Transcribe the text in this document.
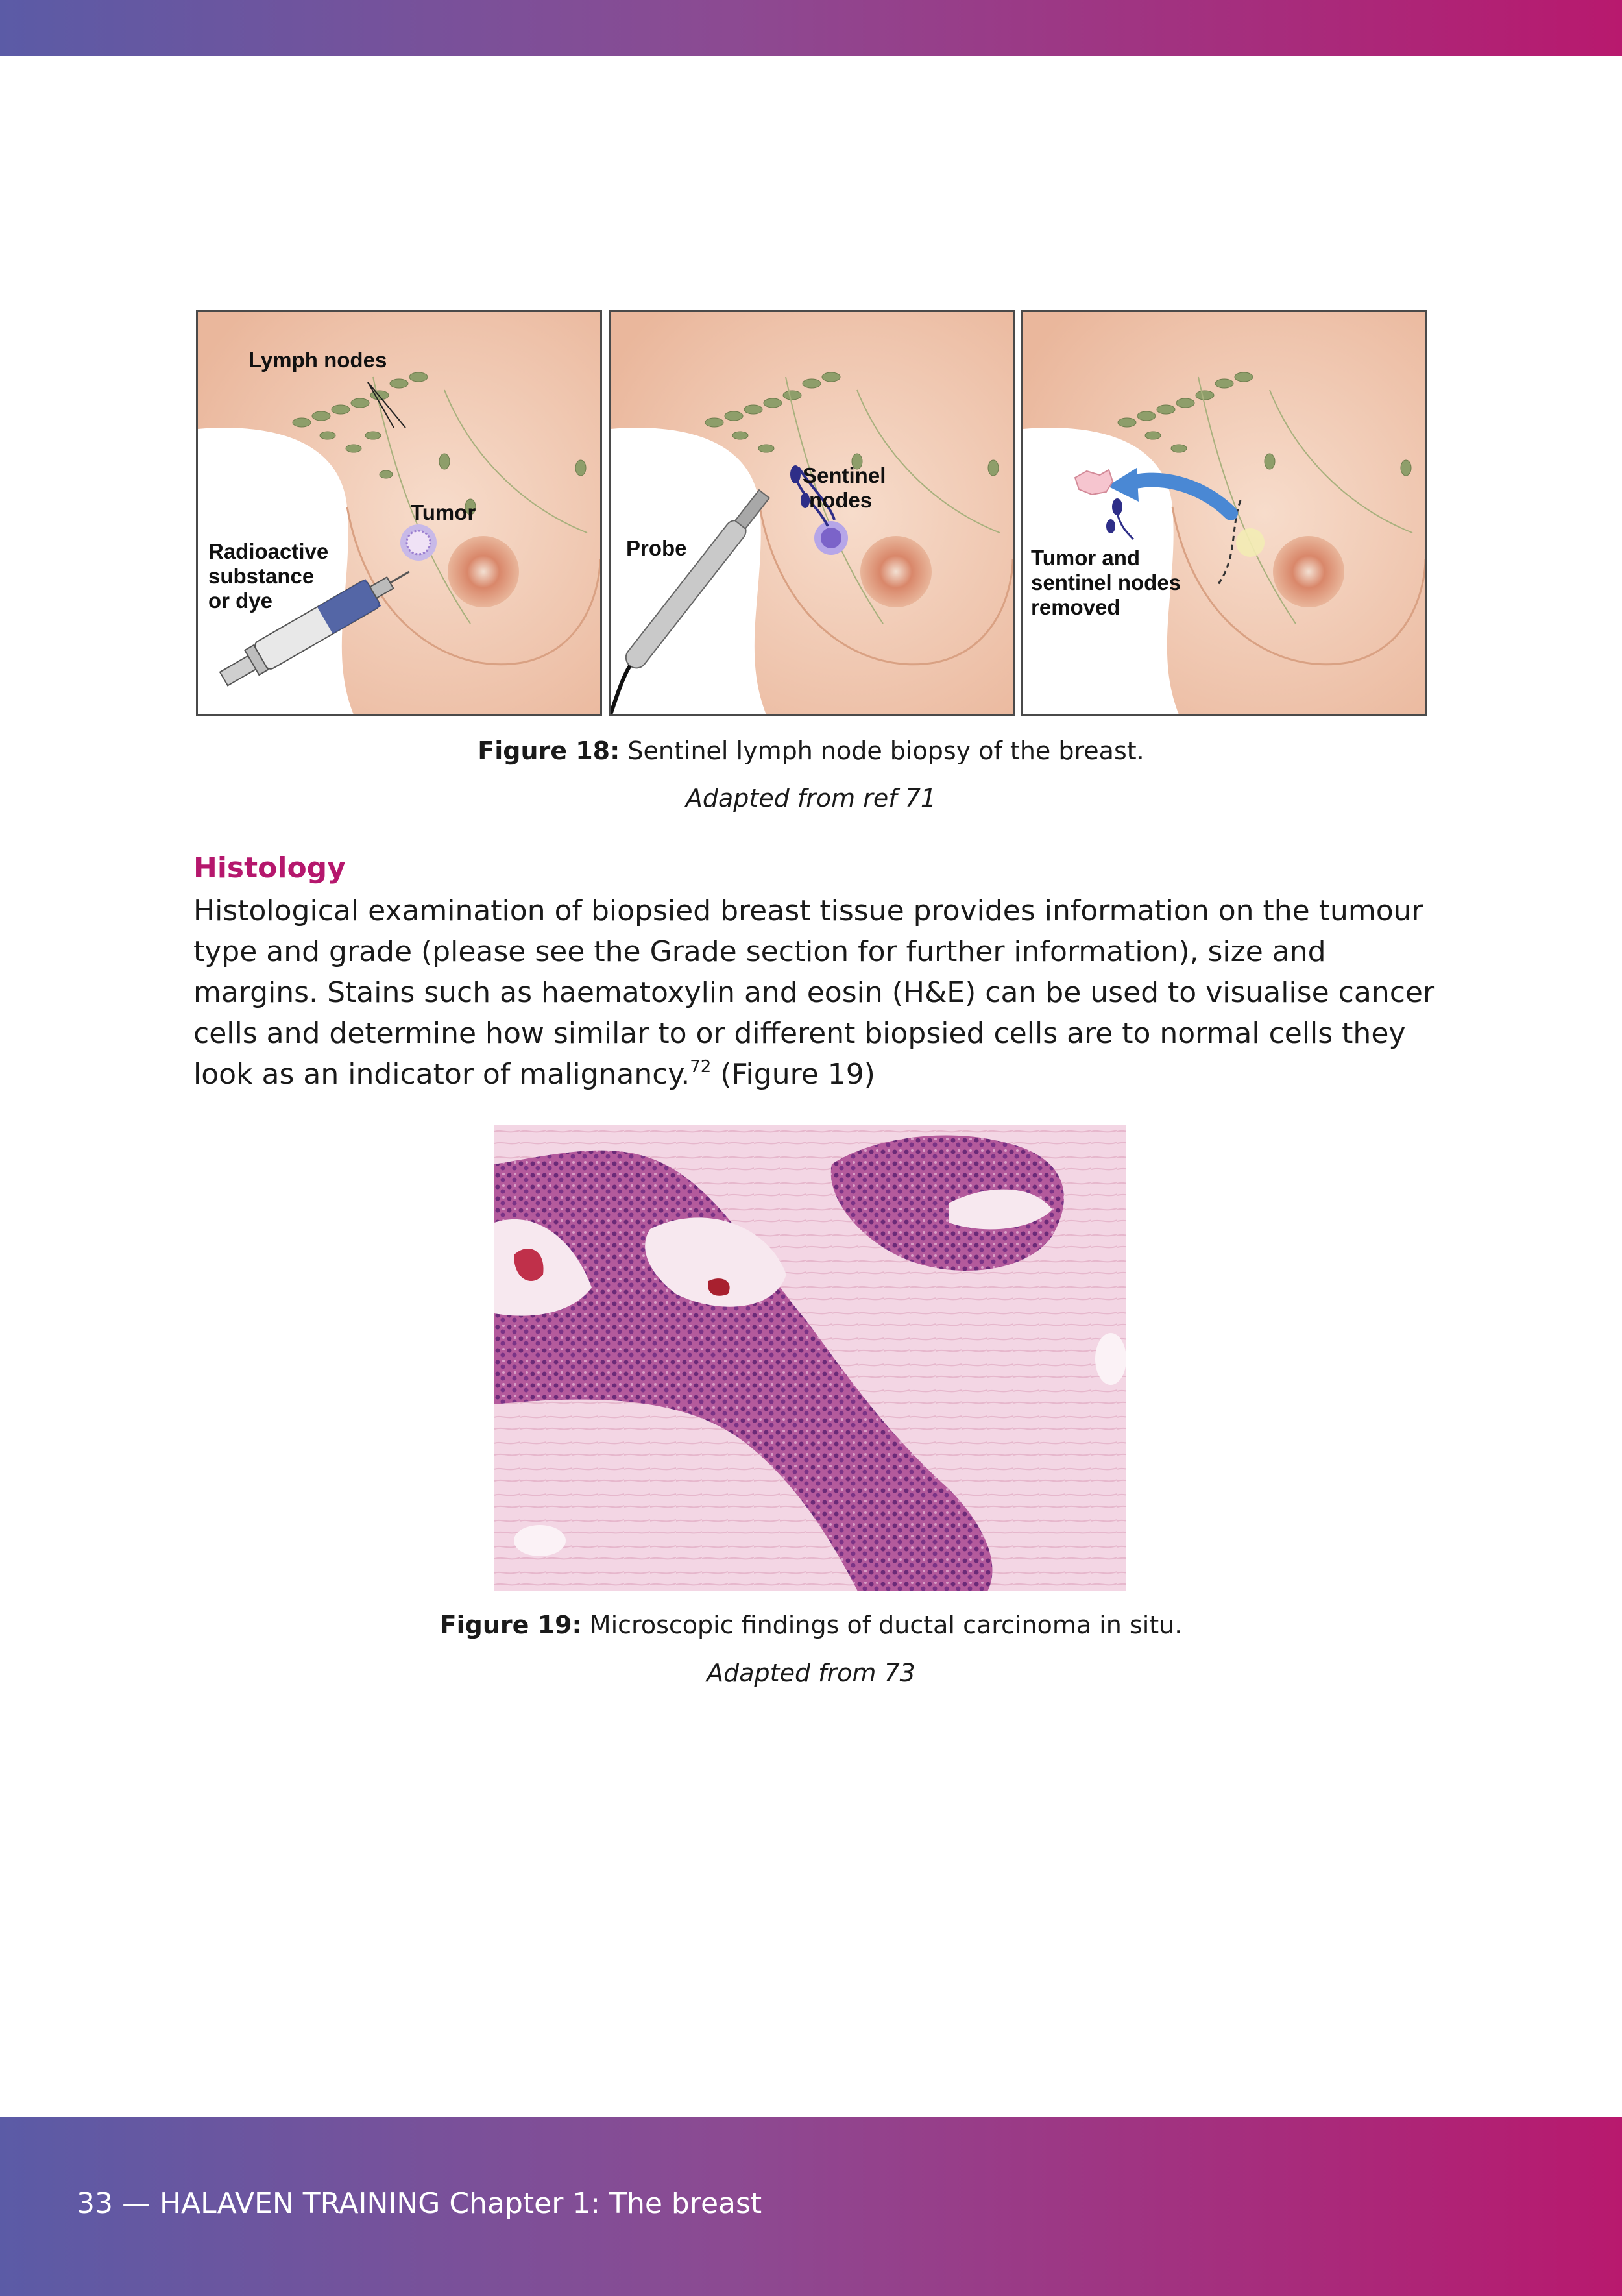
Lymph nodes
Tumor
Radioactive
substance
or dye
Sentinel
nodes
Probe	Tumor and
sentinel nodes
removed
Figure 18: Sentinel lymph node biopsy of the breast.
Adapted from ref 71
Histology
Histological examination of biopsied breast tissue provides information on the tumour type and grade (please see the Grade section for further information), size and margins. Stains such as haematoxylin and eosin (H&E) can be used to visualise cancer cells and determine how similar to or different biopsied cells are to normal cells they look as an indicator of malignancy.$^{72}$ (Figure 19)
Figure 19: Microscopic findings of ductal carcinoma in situ.
Adapted from 73
33 — HALAVEN TRAINING Chapter 1: The breast
